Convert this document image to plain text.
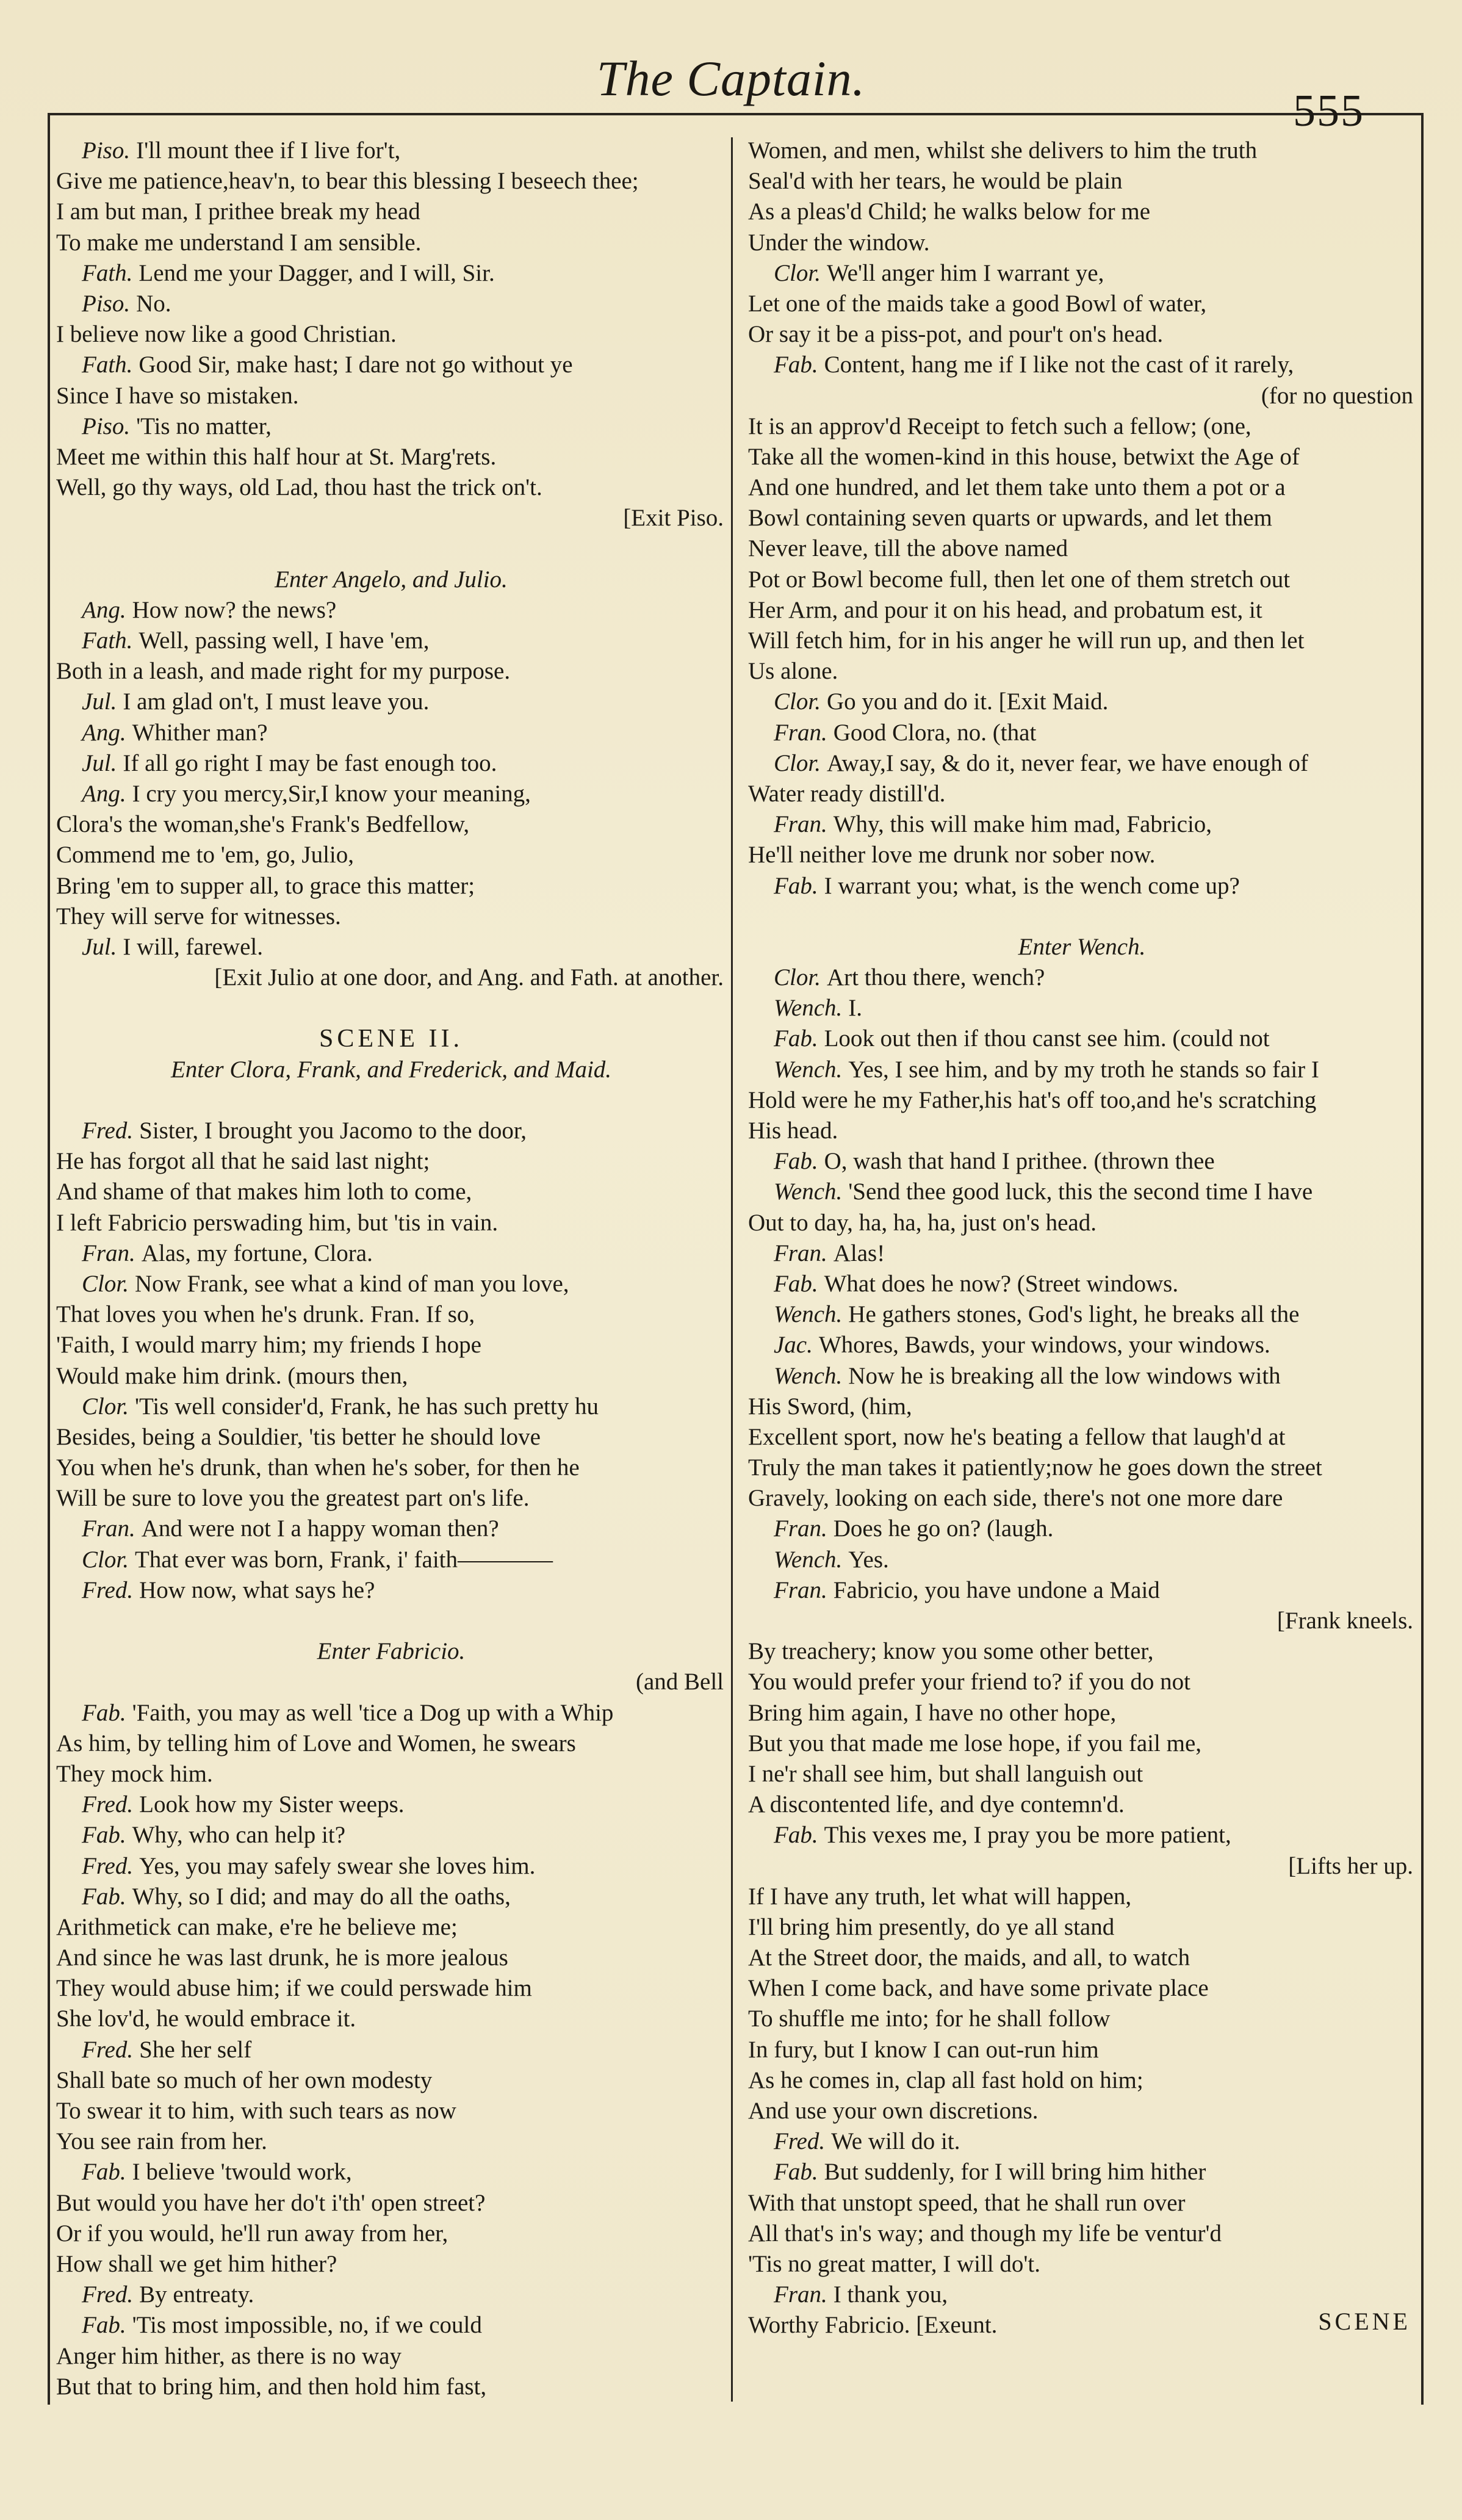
The Captain.
555
Piso. I'll mount thee if I live for't,
Give me patience,heav'n, to bear this blessing I beseech thee;
I am but man, I prithee break my head
To make me understand I am sensible.
Fath. Lend me your Dagger, and I will, Sir.
Piso. No.
I believe now like a good Christian.
Fath. Good Sir, make hast; I dare not go without ye
Since I have so mistaken.
Piso. 'Tis no matter,
Meet me within this half hour at St. Marg'rets.
Well, go thy ways, old Lad, thou hast the trick on't.
[Exit Piso.
Enter Angelo, and Julio.
Ang. How now? the news?
Fath. Well, passing well, I have 'em,
Both in a leash, and made right for my purpose.
Jul. I am glad on't, I must leave you.
Ang. Whither man?
Jul. If all go right I may be fast enough too.
Ang. I cry you mercy,Sir,I know your meaning,
Clora's the woman,she's Frank's Bedfellow,
Commend me to 'em, go, Julio,
Bring 'em to supper all, to grace this matter;
They will serve for witnesses.
Jul. I will, farewel.
[Exit Julio at one door, and Ang. and Fath. at another.
SCENE II.
Enter Clora, Frank, and Frederick, and Maid.
Fred. Sister, I brought you Jacomo to the door,
He has forgot all that he said last night;
And shame of that makes him loth to come,
I left Fabricio perswading him, but 'tis in vain.
Fran. Alas, my fortune, Clora.
Clor. Now Frank, see what a kind of man you love,
That loves you when he's drunk. Fran. If so,
'Faith, I would marry him; my friends I hope
Would make him drink. (mours then,
Clor. 'Tis well consider'd, Frank, he has such pretty hu
Besides, being a Souldier, 'tis better he should love
You when he's drunk, than when he's sober, for then he
Will be sure to love you the greatest part on's life.
Fran. And were not I a happy woman then?
Clor. That ever was born, Frank, i' faith————
Fred. How now, what says he?
Enter Fabricio.
(and Bell
Fab. 'Faith, you may as well 'tice a Dog up with a Whip
As him, by telling him of Love and Women, he swears
They mock him.
Fred. Look how my Sister weeps.
Fab. Why, who can help it?
Fred. Yes, you may safely swear she loves him.
Fab. Why, so I did; and may do all the oaths,
Arithmetick can make, e're he believe me;
And since he was last drunk, he is more jealous
They would abuse him; if we could perswade him
She lov'd, he would embrace it.
Fred. She her self
Shall bate so much of her own modesty
To swear it to him, with such tears as now
You see rain from her.
Fab. I believe 'twould work,
But would you have her do't i'th' open street?
Or if you would, he'll run away from her,
How shall we get him hither?
Fred. By entreaty.
Fab. 'Tis most impossible, no, if we could
Anger him hither, as there is no way
But that to bring him, and then hold him fast,
Women, and men, whilst she delivers to him the truth
Seal'd with her tears, he would be plain
As a pleas'd Child; he walks below for me
Under the window.
Clor. We'll anger him I warrant ye,
Let one of the maids take a good Bowl of water,
Or say it be a piss-pot, and pour't on's head.
Fab. Content, hang me if I like not the cast of it rarely,
(for no question
It is an approv'd Receipt to fetch such a fellow; (one,
Take all the women-kind in this house, betwixt the Age of
And one hundred, and let them take unto them a pot or a
Bowl containing seven quarts or upwards, and let them
Never leave, till the above named
Pot or Bowl become full, then let one of them stretch out
Her Arm, and pour it on his head, and probatum est, it
Will fetch him, for in his anger he will run up, and then let
Us alone.
Clor. Go you and do it. [Exit Maid.
Fran. Good Clora, no. (that
Clor. Away,I say, & do it, never fear, we have enough of
Water ready distill'd.
Fran. Why, this will make him mad, Fabricio,
He'll neither love me drunk nor sober now.
Fab. I warrant you; what, is the wench come up?
Enter Wench.
Clor. Art thou there, wench?
Wench. I.
Fab. Look out then if thou canst see him. (could not
Wench. Yes, I see him, and by my troth he stands so fair I
Hold were he my Father,his hat's off too,and he's scratching
His head.
Fab. O, wash that hand I prithee. (thrown thee
Wench. 'Send thee good luck, this the second time I have
Out to day, ha, ha, ha, just on's head.
Fran. Alas!
Fab. What does he now? (Street windows.
Wench. He gathers stones, God's light, he breaks all the
Jac. Whores, Bawds, your windows, your windows.
Wench. Now he is breaking all the low windows with
His Sword, (him,
Excellent sport, now he's beating a fellow that laugh'd at
Truly the man takes it patiently;now he goes down the street
Gravely, looking on each side, there's not one more dare
Fran. Does he go on? (laugh.
Wench. Yes.
Fran. Fabricio, you have undone a Maid
[Frank kneels.
By treachery; know you some other better,
You would prefer your friend to? if you do not
Bring him again, I have no other hope,
But you that made me lose hope, if you fail me,
I ne'r shall see him, but shall languish out
A discontented life, and dye contemn'd.
Fab. This vexes me, I pray you be more patient,
[Lifts her up.
If I have any truth, let what will happen,
I'll bring him presently, do ye all stand
At the Street door, the maids, and all, to watch
When I come back, and have some private place
To shuffle me into; for he shall follow
In fury, but I know I can out-run him
As he comes in, clap all fast hold on him;
And use your own discretions.
Fred. We will do it.
Fab. But suddenly, for I will bring him hither
With that unstopt speed, that he shall run over
All that's in's way; and though my life be ventur'd
'Tis no great matter, I will do't.
Fran. I thank you,
Worthy Fabricio. [Exeunt.	SCENE
